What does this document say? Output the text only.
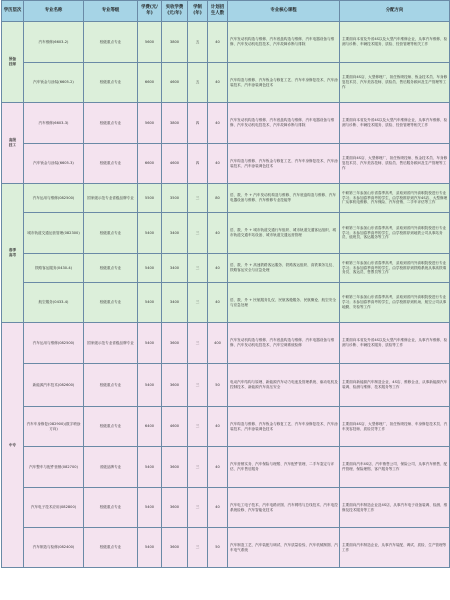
学历层次	专业名称	专业等级	学费(元/年)	实收学费(元/年)	学制(年)	计划招生人数	专业核心课程	分配方向
预备技师	汽车维修(6603-2)	校级重点专业	5600	3800	五	40	汽车发动机构造与维修、汽车底盘构造与维修、汽车电器设备与维修、汽车发动机电控技术、汽车故障诊断与排除	主要面向本省及外省4S以及大型汽车维修企业，从事汽车维修、检测与诊断、车辆技术服务、质检、经营管理等相关工作
	汽车钣金与涂装(6605-2)	校级重点专业	6600	4600	五	40	汽车构造与维修、汽车钣金与修复工艺、汽车车身修复技术、汽车涂装技术、汽车涂装调色技术	主要面向4S店、大型修理厂，担任钣喷技师、钣金技术员、车身修复技术员、汽车美容技师、质检员、售后服务顾问及生产管理等工作
高级技工	汽车维修(6603-3)	校级重点专业	5600	3800	四	40	汽车发动机构造与维修、汽车底盘构造与维修、汽车电器设备与维修、汽车发动机电控技术、汽车故障诊断与排除	主要面向本省及外省4S以及大型汽车维修企业，从事汽车维修、检测与诊断、车辆技术服务、质检、经营管理等相关工作
	汽车钣金与涂装(6605-3)	校级重点专业	6600	4600	四	40	汽车构造与维修、汽车钣金与修复工艺、汽车车身修复技术、汽车涂装技术、汽车涂装调色技术	主要面向4S店、大型修理厂，担任钣喷技师、钣金技术员、车身修复技术员、汽车美容技师、质检员、售后服务顾问及生产管理等工作
春季高考	汽车运用与维修(082500)	国家级示范专业省级品牌专业	5500	3500	三	80	语、数、外 + 汽车发动机构造与维修、汽车底盘构造与维修、汽车电器设备与维修、汽车维修专业技能等	中职第三年参加山东省春季高考，录取到省内外高职院校进行专业学习；未参加春季高考的学生，由学校推荐到汽车4S店、大型修理厂从事机电维修、汽车保险、汽车营销、二手车评估等工作
	城市轨道交通运营管理(082300)	校级重点专业	5400	3400	三	40	语、数、外 + 城市轨道交通行车组织、城市轨道交通客运组织、城市轨道交通车站设备、城市轨道交通运营管理	中职第三年参加山东省春季高考，录取到省内外高职院校进行专业学习；未参加春季高考的学生，由学校推荐到地铁公司从事站务员、值班员、客运服务等工作
	铁路客运服务(0430-4)	校级重点专业	5400	3400	三	40	语、数、外 + 高速铁路客运服务、铁路客运组织、高铁乘务礼仪、铁路客运安全与应急处理	中职第三年参加山东省春季高考，录取到省内外高职院校进行专业学习；未参加春季高考的学生，由学校推荐到铁路系统从事高铁乘务员、客运员、售票员等工作
	航空服务(0433-4)	校级重点专业	5400	3400	三	40	语、数、外 + 民航服务礼仪、民航客舱服务、民航概论、航空安全与应急处理	中职第三年参加山东省春季高考，录取到省内外高职院校进行专业学习；未参加春季高考的学生，由学校推荐到机场、航空公司从事地勤、安检等工作
中专	汽车运用与维修(082500)	国家级示范专业省级品牌专业	5400	3600	三	400	汽车发动机构造与维修、汽车底盘构造与维修、汽车电器设备与维修、汽车发动机电控技术、汽车空调系统检修	主要面向本省及外省4S以及大型汽车维修企业，从事汽车维修、检测与诊断、车辆技术服务、质检等工作
	新能源汽车技术(082600)	校级重点专业	5400	3600	三	50	电动汽车结构与原理、新能源汽车动力电池及管理系统、驱动电机及控制技术、新能源汽车高压安全	主要面向新能源汽车制造企业、4S店、维修企业，从事新能源汽车装调、检测与维修、技术服务等工作
	汽车车身修复(082900)(数字喷涂方向)	校级重点专业	6400	4600	三	40	汽车构造与维修、汽车钣金与修复工艺、汽车车身修复技术、汽车涂装技术、汽车涂装调色技术	主要面向4S店、大型修理厂，担任钣喷技师、车身修复技术员、汽车美容技师、质检员等工作
	汽车整车与配件营销(082700)	省级品牌专业	5400	3600	三	40	汽车营销实务、汽车保险与理赔、汽车配件管理、二手车鉴定与评估、汽车售后服务	主要面向汽车4S店、汽车销售公司、保险公司，从事汽车销售、配件管理、保险理赔、客户服务等工作
	汽车电子技术应用(082800)	校级重点专业	5400	3600	三	40	汽车电工电子技术、汽车电路识图、汽车网络与总线技术、汽车电控系统检修、汽车智能化技术	主要面向汽车制造企业及4S店，从事汽车电子设备装调、检测、维修及技术服务等工作
	汽车制造与检修(082400)	校级重点专业	5400	3600	三	50	汽车制造工艺、汽车装配与调试、汽车质量检验、汽车机械制图、汽车电气系统	主要面向汽车制造企业，从事汽车装配、调试、质检、生产管理等工作
